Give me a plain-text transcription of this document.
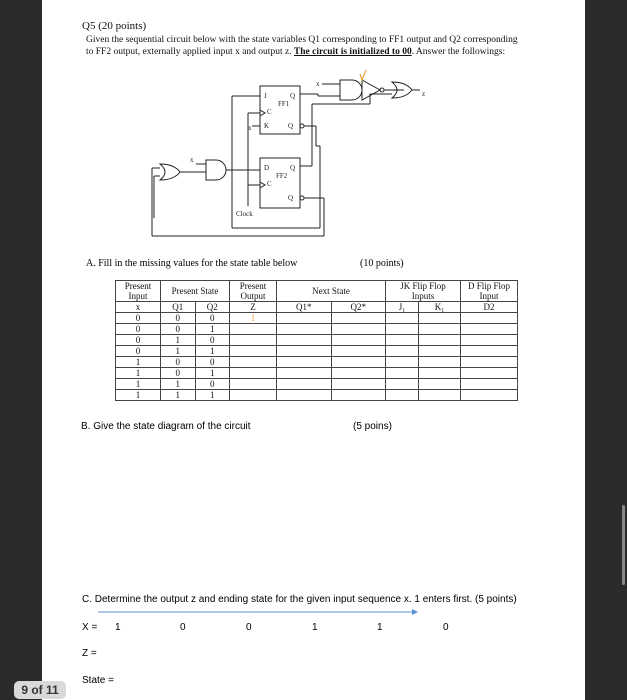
Q5 (20 points)
Given the sequential circuit below with the state variables Q1 corresponding to FF1 output and Q2 corresponding
to FF2 output, externally applied input x and output z. The circuit is initialized to 00. Answer the followings:
J	Q
FF1
C
K	Q
D	Q
FF2
C
Q
x
x
z
x
Clock
A. Fill in the missing values for the state table below	(10 points)
Present Input	Present State		Present Output	Next State		JK Flip Flop Inputs		D Flip Flop Input
x	Q1	Q2	Z	Q1*	Q2*	J₁	K₁	D2
0	0	0	1					
0	0	1						
0	1	0						
0	1	1						
1	0	0						
1	0	1						
1	1	0						
1	1	1						
B. Give the state diagram of the circuit	(5 poins)
C. Determine the output z and ending state for the given input sequence x. 1 enters first. (5 points)
X = 1	0	0	1	1	0
Z =
State =
9 of 11
